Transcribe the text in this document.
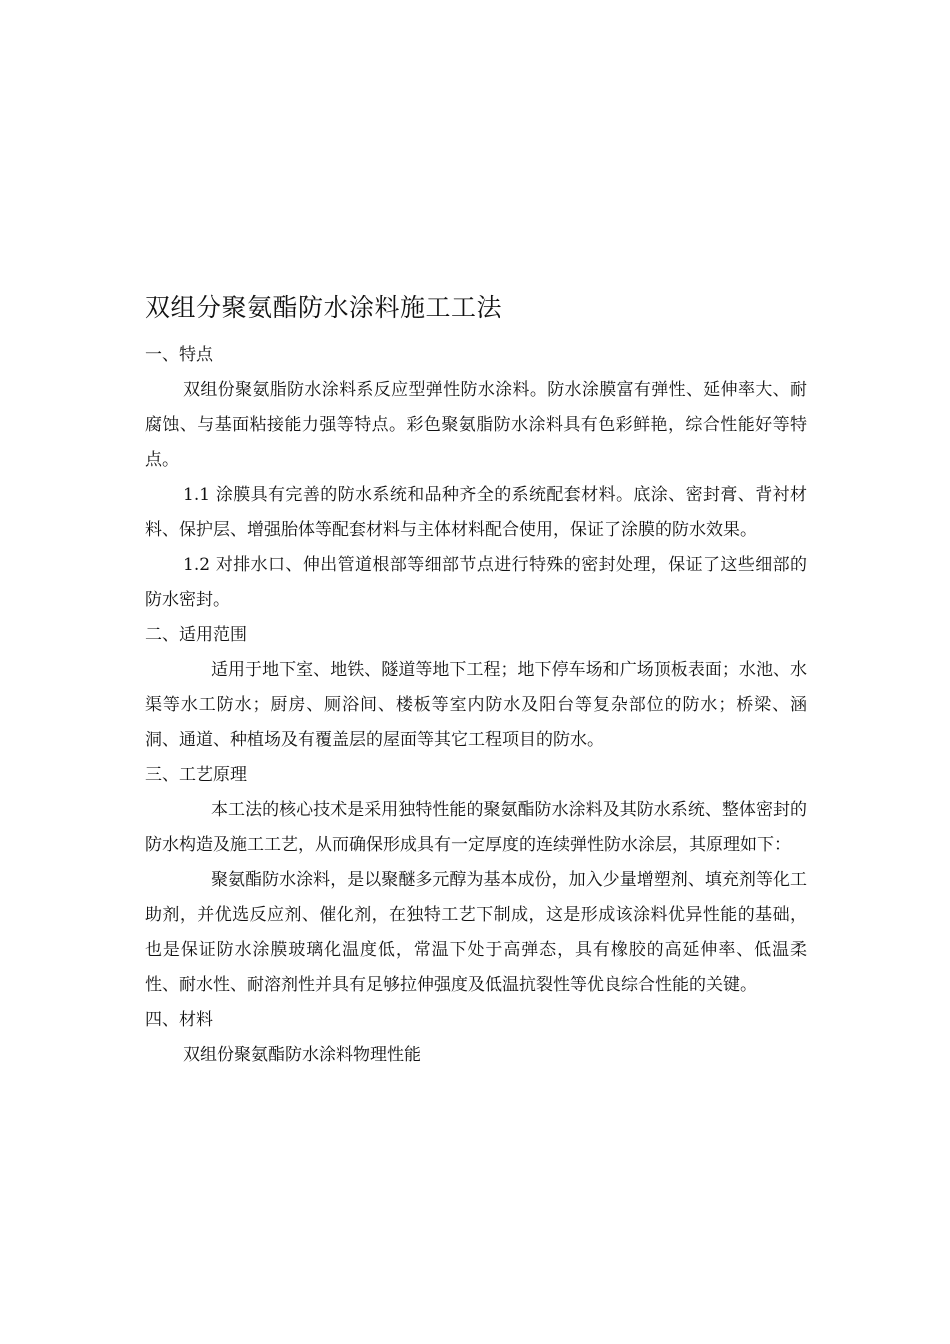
双组分聚氨酯防水涂料施工工法

一、特点

双组份聚氨脂防水涂料系反应型弹性防水涂料。防水涂膜富有弹性、延伸率大、耐腐蚀、与基面粘接能力强等特点。彩色聚氨脂防水涂料具有色彩鲜艳，综合性能好等特点。

1.1 涂膜具有完善的防水系统和品种齐全的系统配套材料。底涂、密封膏、背衬材料、保护层、增强胎体等配套材料与主体材料配合使用，保证了涂膜的防水效果。

1.2 对排水口、伸出管道根部等细部节点进行特殊的密封处理，保证了这些细部的防水密封。

二、适用范围

适用于地下室、地铁、隧道等地下工程；地下停车场和广场顶板表面；水池、水渠等水工防水；厨房、厕浴间、楼板等室内防水及阳台等复杂部位的防水；桥梁、涵洞、通道、种植场及有覆盖层的屋面等其它工程项目的防水。

三、工艺原理

本工法的核心技术是采用独特性能的聚氨酯防水涂料及其防水系统、整体密封的防水构造及施工工艺，从而确保形成具有一定厚度的连续弹性防水涂层，其原理如下：

聚氨酯防水涂料，是以聚醚多元醇为基本成份，加入少量增塑剂、填充剂等化工助剂，并优选反应剂、催化剂，在独特工艺下制成，这是形成该涂料优异性能的基础，也是保证防水涂膜玻璃化温度低，常温下处于高弹态，具有橡胶的高延伸率、低温柔性、耐水性、耐溶剂性并具有足够拉伸强度及低温抗裂性等优良综合性能的关键。

四、材料

双组份聚氨酯防水涂料物理性能
